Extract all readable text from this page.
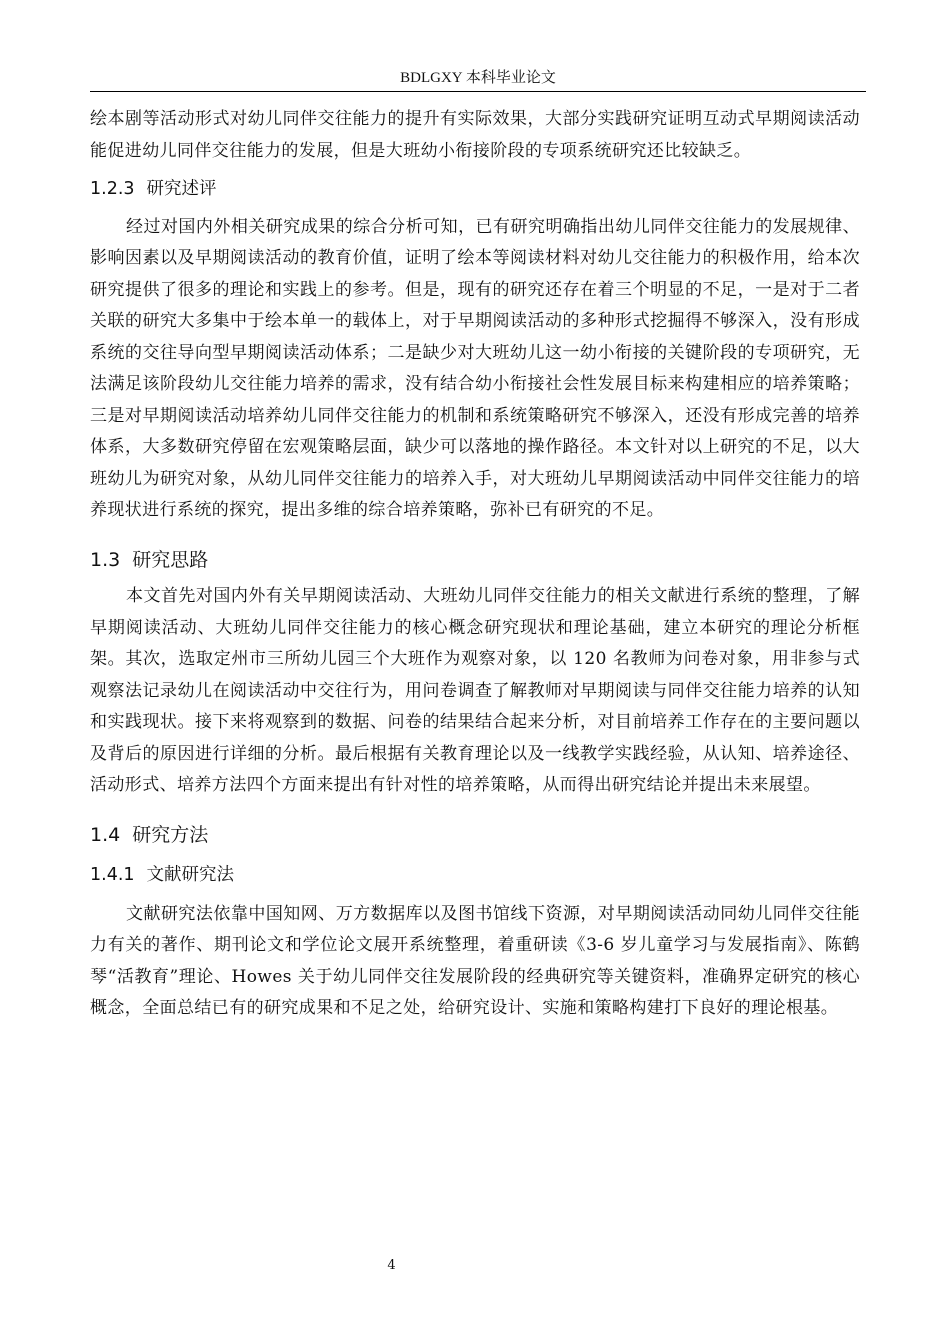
BDLGXY 本科毕业论文

绘本剧等活动形式对幼儿同伴交往能力的提升有实际效果，大部分实践研究证明互动式早期阅读活动能促进幼儿同伴交往能力的发展，但是大班幼小衔接阶段的专项系统研究还比较缺乏。

1.2.3 研究述评

经过对国内外相关研究成果的综合分析可知，已有研究明确指出幼儿同伴交往能力的发展规律、影响因素以及早期阅读活动的教育价值，证明了绘本等阅读材料对幼儿交往能力的积极作用，给本次研究提供了很多的理论和实践上的参考。但是，现有的研究还存在着三个明显的不足，一是对于二者关联的研究大多集中于绘本单一的载体上，对于早期阅读活动的多种形式挖掘得不够深入，没有形成系统的交往导向型早期阅读活动体系；二是缺少对大班幼儿这一幼小衔接的关键阶段的专项研究，无法满足该阶段幼儿交往能力培养的需求，没有结合幼小衔接社会性发展目标来构建相应的培养策略；三是对早期阅读活动培养幼儿同伴交往能力的机制和系统策略研究不够深入，还没有形成完善的培养体系，大多数研究停留在宏观策略层面，缺少可以落地的操作路径。本文针对以上研究的不足，以大班幼儿为研究对象，从幼儿同伴交往能力的培养入手，对大班幼儿早期阅读活动中同伴交往能力的培养现状进行系统的探究，提出多维的综合培养策略，弥补已有研究的不足。

1.3 研究思路

本文首先对国内外有关早期阅读活动、大班幼儿同伴交往能力的相关文献进行系统的整理，了解早期阅读活动、大班幼儿同伴交往能力的核心概念研究现状和理论基础，建立本研究的理论分析框架。其次，选取定州市三所幼儿园三个大班作为观察对象，以 120 名教师为问卷对象，用非参与式观察法记录幼儿在阅读活动中交往行为，用问卷调查了解教师对早期阅读与同伴交往能力培养的认知和实践现状。接下来将观察到的数据、问卷的结果结合起来分析，对目前培养工作存在的主要问题以及背后的原因进行详细的分析。最后根据有关教育理论以及一线教学实践经验，从认知、培养途径、活动形式、培养方法四个方面来提出有针对性的培养策略，从而得出研究结论并提出未来展望。

1.4 研究方法
1.4.1 文献研究法

文献研究法依靠中国知网、万方数据库以及图书馆线下资源，对早期阅读活动同幼儿同伴交往能力有关的著作、期刊论文和学位论文展开系统整理，着重研读《3-6 岁儿童学习与发展指南》、陈鹤琴“活教育”理论、Howes 关于幼儿同伴交往发展阶段的经典研究等关键资料，准确界定研究的核心概念，全面总结已有的研究成果和不足之处，给研究设计、实施和策略构建打下良好的理论根基。

4
